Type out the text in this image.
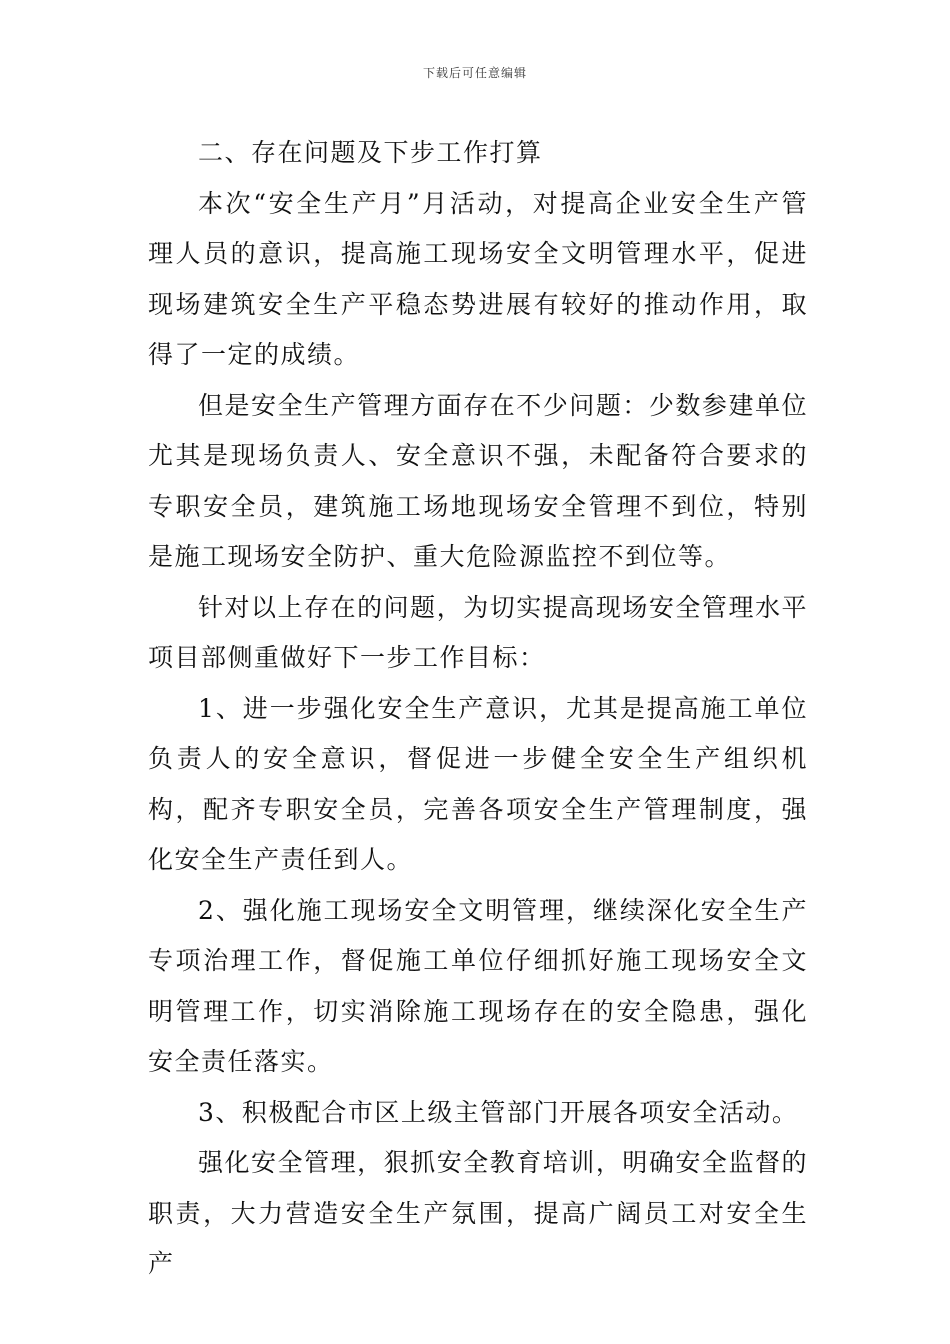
下载后可任意编辑

二、存在问题及下步工作打算

本次“安全生产月”月活动，对提高企业安全生产管理人员的意识，提高施工现场安全文明管理水平，促进现场建筑安全生产平稳态势进展有较好的推动作用，取得了一定的成绩。

但是安全生产管理方面存在不少问题：少数参建单位尤其是现场负责人、安全意识不强，未配备符合要求的专职安全员，建筑施工场地现场安全管理不到位，特别是施工现场安全防护、重大危险源监控不到位等。

针对以上存在的问题，为切实提高现场安全管理水平项目部侧重做好下一步工作目标：

1、进一步强化安全生产意识，尤其是提高施工单位负责人的安全意识，督促进一步健全安全生产组织机构，配齐专职安全员，完善各项安全生产管理制度，强化安全生产责任到人。

2、强化施工现场安全文明管理，继续深化安全生产专项治理工作，督促施工单位仔细抓好施工现场安全文明管理工作，切实消除施工现场存在的安全隐患，强化安全责任落实。

3、积极配合市区上级主管部门开展各项安全活动。

强化安全管理，狠抓安全教育培训，明确安全监督的职责，大力营造安全生产氛围，提高广阔员工对安全生产
